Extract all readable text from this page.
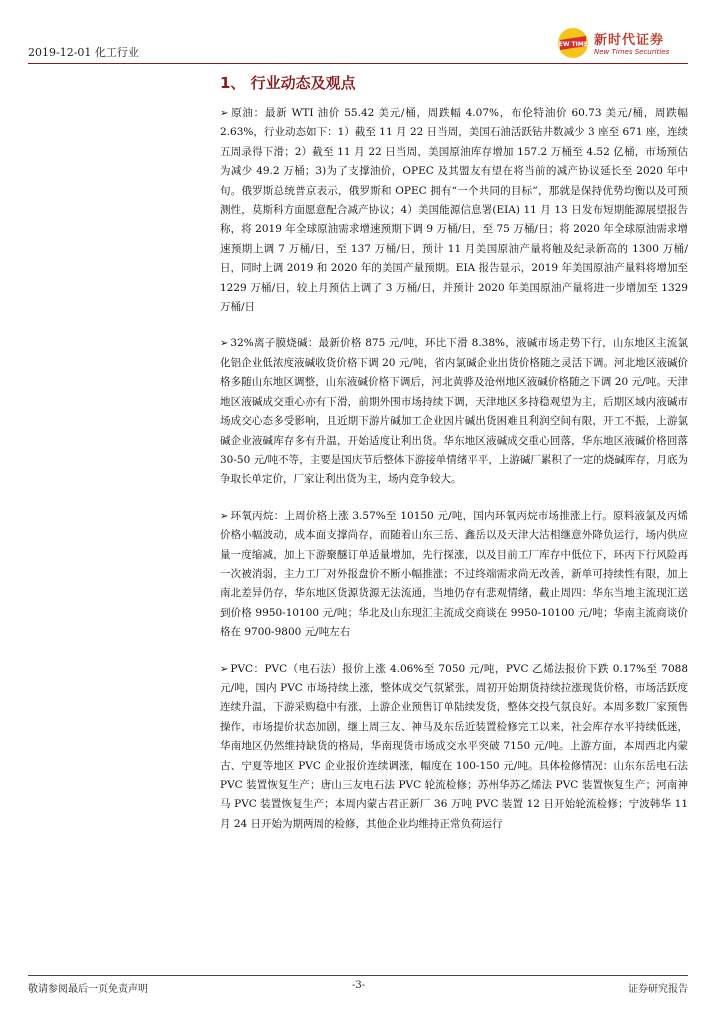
2019-12-01 化工行业
NEW TIMES 新时代证券
New Times Securities
1、 行业动态及观点

➢ 原油：最新 WTI 油价 55.42 美元/桶，周跌幅 4.07%，布伦特油价 60.73 美元/桶，周跌幅 2.63%，行业动态如下：1）截至 11 月 22 日当周，美国石油活跃钻井数减少 3 座至 671 座，连续五周录得下滑；2）截至 11 月 22 日当周，美国原油库存增加 157.2 万桶至 4.52 亿桶，市场预估为减少 49.2 万桶；3)为了支撑油价，OPEC 及其盟友有望在将当前的减产协议延长至 2020 年中旬。俄罗斯总统普京表示，俄罗斯和 OPEC 拥有“一个共同的目标”，那就是保持优势均衡以及可预测性，莫斯科方面愿意配合减产协议；4）美国能源信息署(EIA) 11 月 13 日发布短期能源展望报告称，将 2019 年全球原油需求增速预期下调 9 万桶/日，至 75 万桶/日；将 2020 年全球原油需求增速预期上调 7 万桶/日，至 137 万桶/日，预计 11 月美国原油产量将触及纪录新高的 1300 万桶/日，同时上调 2019 和 2020 年的美国产量预期。EIA 报告显示，2019 年美国原油产量料将增加至 1229 万桶/日，较上月预估上调了 3 万桶/日，并预计 2020 年美国原油产量将进一步增加至 1329 万桶/日

➢ 32%离子膜烧碱：最新价格 875 元/吨，环比下滑 8.38%，液碱市场走势下行，山东地区主流氯化铝企业低浓度液碱收货价格下调 20 元/吨，省内氯碱企业出货价格随之灵活下调。河北地区液碱价格多随山东地区调整，山东液碱价格下调后，河北黄骅及沧州地区液碱价格随之下调 20 元/吨。天津地区液碱成交重心亦有下滑，前期外围市场持续下调，天津地区多持稳观望为主，后期区域内液碱市场成交心态多受影响，且近期下游片碱加工企业因片碱出货困难且利润空间有限，开工不振，上游氯碱企业液碱库存多有升温，开始适度让利出货。华东地区液碱成交重心回落，华东地区液碱价格回落 30-50 元/吨不等，主要是国庆节后整体下游接单情绪平平，上游碱厂累积了一定的烧碱库存，月底为争取长单定价，厂家让利出货为主，场内竞争较大。

➢ 环氧丙烷：上周价格上涨 3.57%至 10150 元/吨，国内环氧丙烷市场推涨上行。原料液氯及丙烯价格小幅波动，成本面支撑尚存，而随着山东三岳、鑫岳以及天津大沽相继意外降负运行，场内供应量一度缩减，加上下游聚醚订单适量增加，先行探涨，以及目前工厂库存中低位下，环丙下行风险再一次被消弱，主力工厂对外报盘价不断小幅推涨；不过终端需求尚无改善，新单可持续性有限，加上南北差异仍存，华东地区货源货源无法流通，当地仍存有悲观情绪，截止周四：华东当地主流现汇送到价格 9950-10100 元/吨；华北及山东现汇主流成交商谈在 9950-10100 元/吨；华南主流商谈价格在 9700-9800 元/吨左右

➢ PVC：PVC（电石法）报价上涨 4.06%至 7050 元/吨，PVC 乙烯法报价下跌 0.17%至 7088 元/吨，国内 PVC 市场持续上涨，整体成交气氛紧张，周初开始期货持续拉涨现货价格，市场活跃度连续升温，下游采购稳中有涨，上游企业预售订单陆续发货，整体交投气氛良好。本周多数厂家预售操作，市场提价状态加剧，继上周三友、神马及东岳近装置检修完工以来，社会库存水平持续低迷，华南地区仍然维持缺货的格局，华南现货市场成交水平突破 7150 元/吨。上游方面，本周西北内蒙古、宁夏等地区 PVC 企业报价连续调涨，幅度在 100-150 元/吨。具体检修情况：山东东岳电石法 PVC 装置恢复生产；唐山三友电石法 PVC 轮流检修；苏州华苏乙烯法 PVC 装置恢复生产；河南神马 PVC 装置恢复生产；本周内蒙古君正新厂 36 万吨 PVC 装置 12 日开始轮流检修；宁波韩华 11 月 24 日开始为期两周的检修，其他企业均维持正常负荷运行

敬请参阅最后一页免责声明	-3-	证券研究报告
